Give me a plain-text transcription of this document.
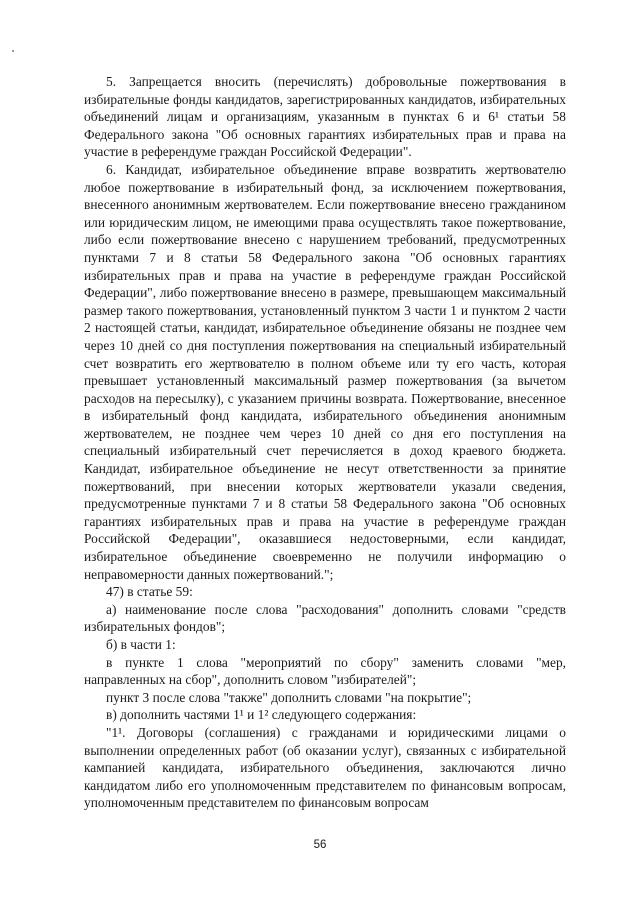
5. Запрещается вносить (перечислять) добровольные пожертвования в избирательные фонды кандидатов, зарегистрированных кандидатов, избирательных объединений лицам и организациям, указанным в пунктах 6 и 6¹ статьи 58 Федерального закона "Об основных гарантиях избирательных прав и права на участие в референдуме граждан Российской Федерации".

6. Кандидат, избирательное объединение вправе возвратить жертвователю любое пожертвование в избирательный фонд, за исключением пожертвования, внесенного анонимным жертвователем. Если пожертвование внесено гражданином или юридическим лицом, не имеющими права осуществлять такое пожертвование, либо если пожертвование внесено с нарушением требований, предусмотренных пунктами 7 и 8 статьи 58 Федерального закона "Об основных гарантиях избирательных прав и права на участие в референдуме граждан Российской Федерации", либо пожертвование внесено в размере, превышающем максимальный размер такого пожертвования, установленный пунктом 3 части 1 и пунктом 2 части 2 настоящей статьи, кандидат, избирательное объединение обязаны не позднее чем через 10 дней со дня поступления пожертвования на специальный избирательный счет возвратить его жертвователю в полном объеме или ту его часть, которая превышает установленный максимальный размер пожертвования (за вычетом расходов на пересылку), с указанием причины возврата. Пожертвование, внесенное в избирательный фонд кандидата, избирательного объединения анонимным жертвователем, не позднее чем через 10 дней со дня его поступления на специальный избирательный счет перечисляется в доход краевого бюджета. Кандидат, избирательное объединение не несут ответственности за принятие пожертвований, при внесении которых жертвователи указали сведения, предусмотренные пунктами 7 и 8 статьи 58 Федерального закона "Об основных гарантиях избирательных прав и права на участие в референдуме граждан Российской Федерации", оказавшиеся недостоверными, если кандидат, избирательное объединение своевременно не получили информацию о неправомерности данных пожертвований.";

47) в статье 59:

а) наименование после слова "расходования" дополнить словами "средств избирательных фондов";

б) в части 1:

в пункте 1 слова "мероприятий по сбору" заменить словами "мер, направленных на сбор", дополнить словом "избирателей";

пункт 3 после слова "также" дополнить словами "на покрытие";

в) дополнить частями 1¹ и 1² следующего содержания:

"1¹. Договоры (соглашения) с гражданами и юридическими лицами о выполнении определенных работ (об оказании услуг), связанных с избирательной кампанией кандидата, избирательного объединения, заключаются лично кандидатом либо его уполномоченным представителем по финансовым вопросам, уполномоченным представителем по финансовым вопросам

56
